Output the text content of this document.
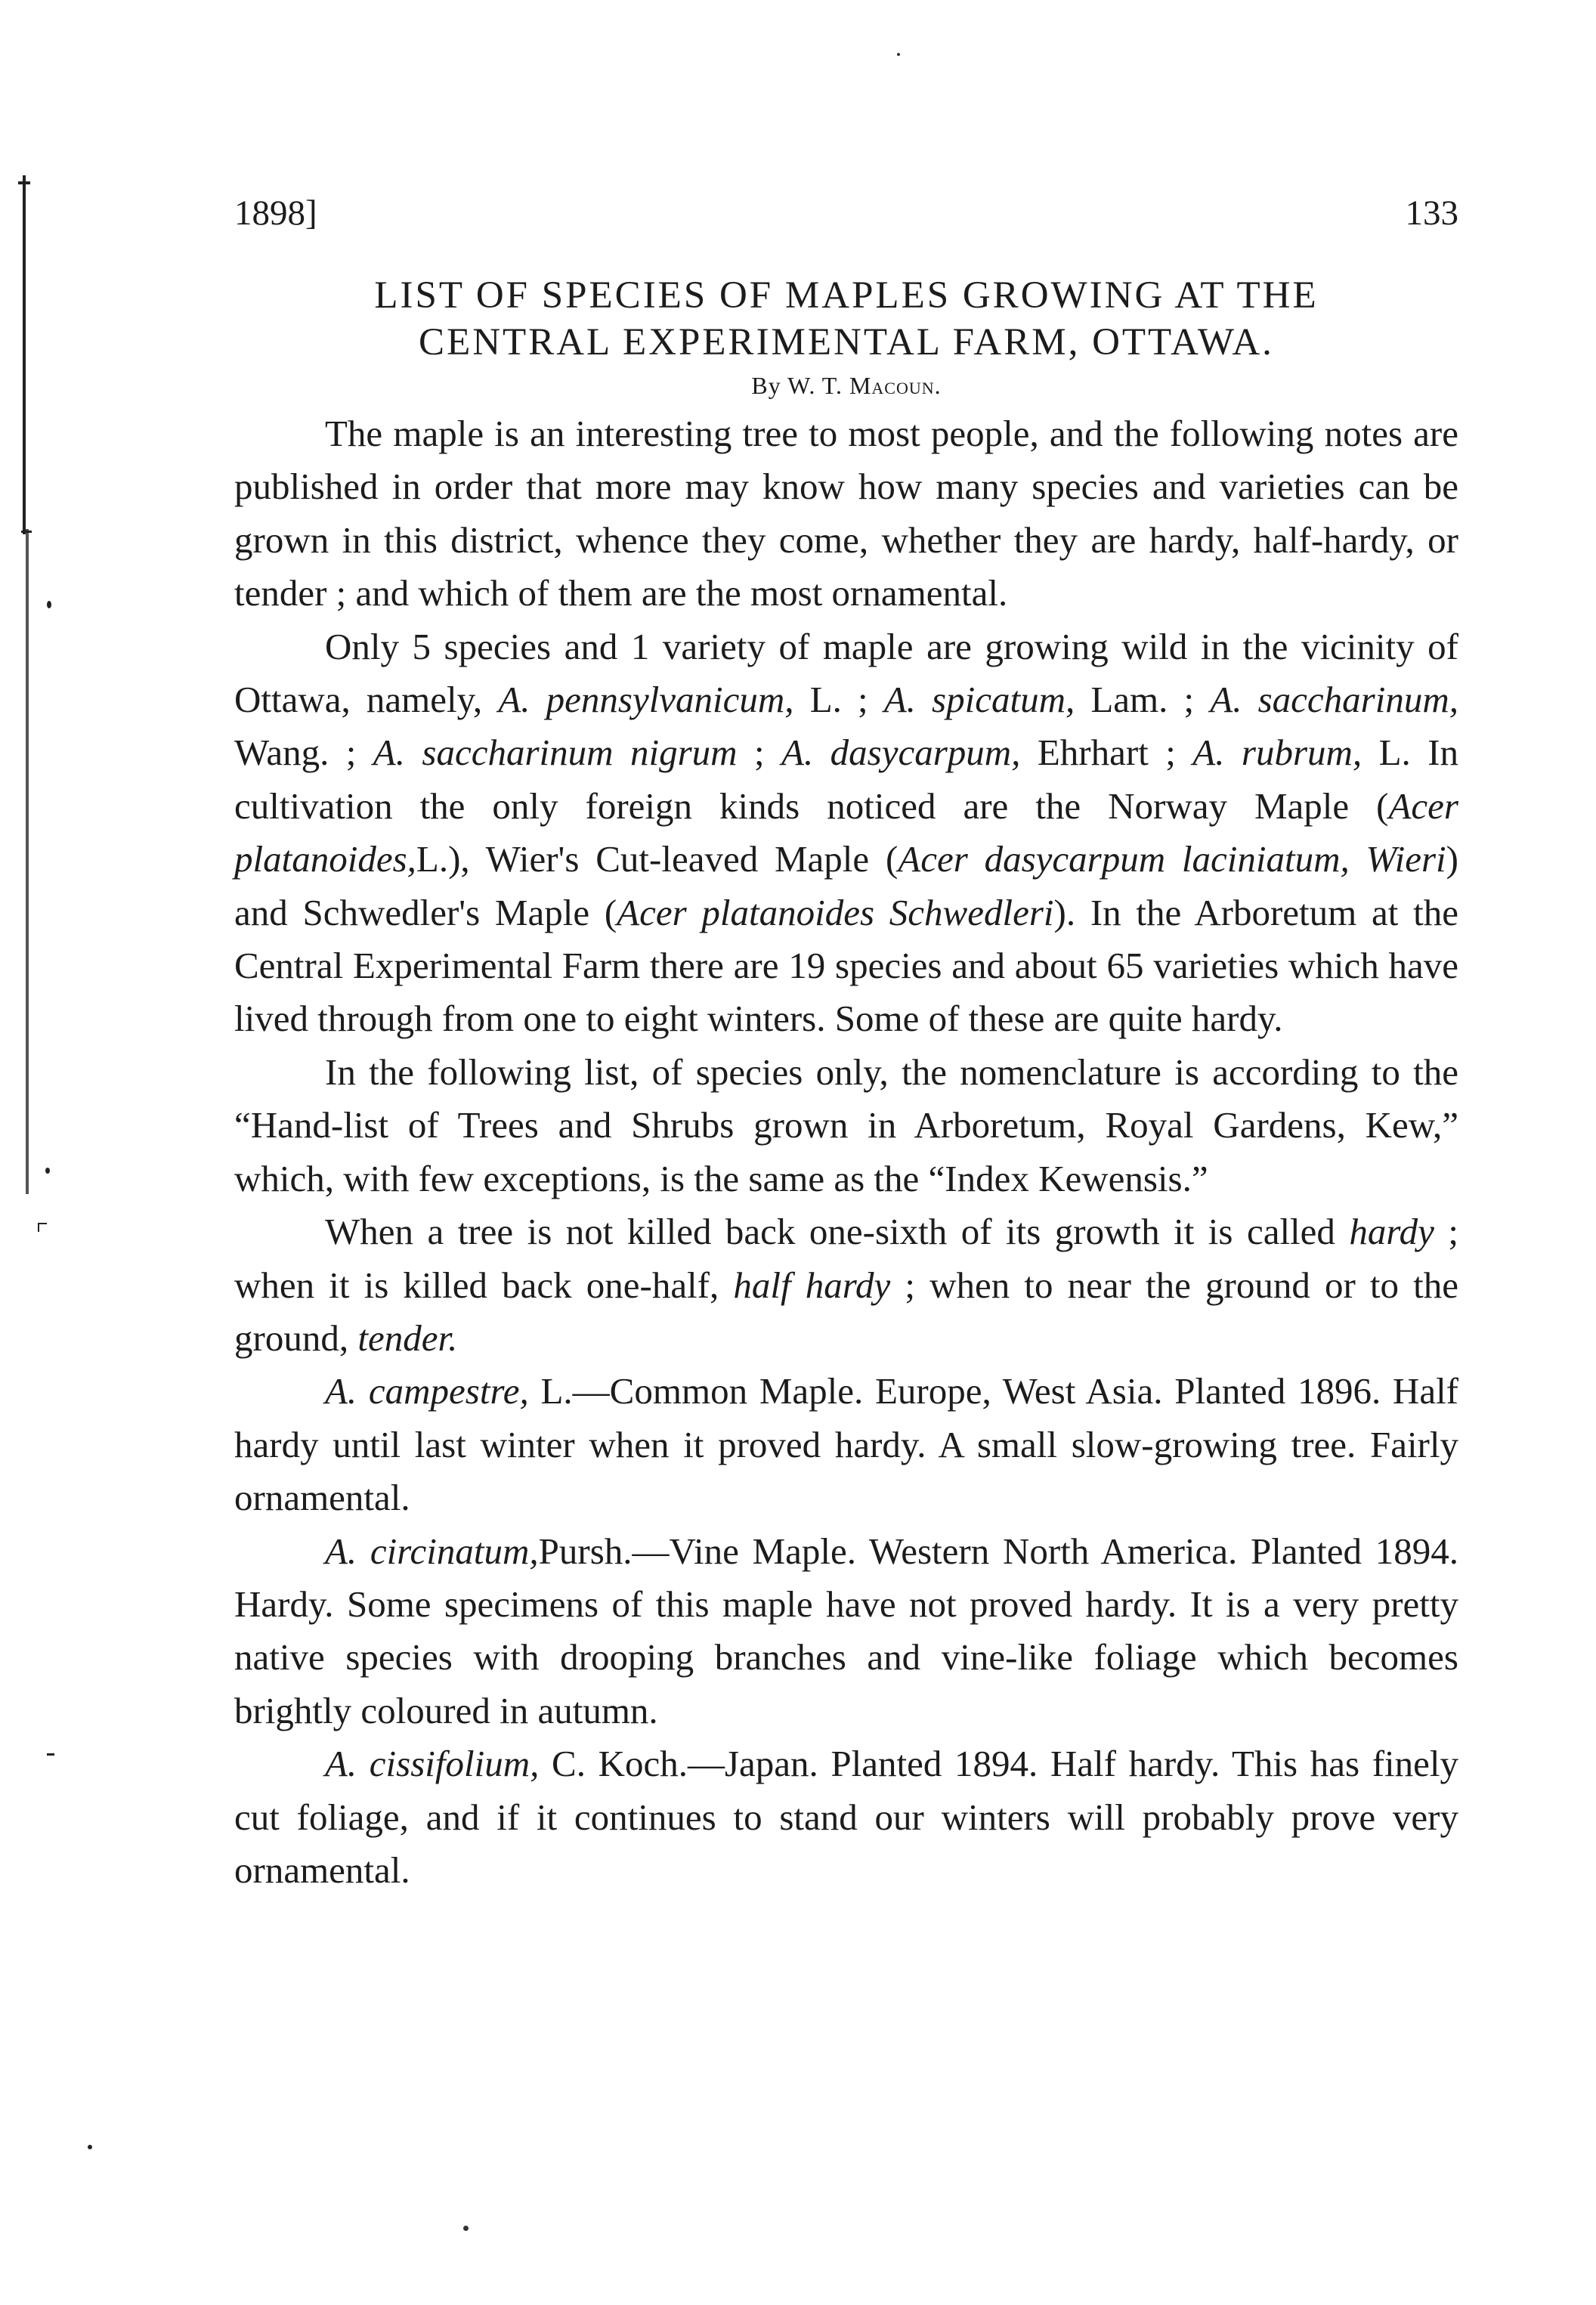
1898]	133
LIST OF SPECIES OF MAPLES GROWING AT THE
CENTRAL EXPERIMENTAL FARM, OTTAWA.
By W. T. Macoun.

The maple is an interesting tree to most people, and the following notes are published in order that more may know how many species and varieties can be grown in this district, whence they come, whether they are hardy, half-hardy, or tender ; and which of them are the most ornamental.

Only 5 species and 1 variety of maple are growing wild in the vicinity of Ottawa, namely, A. pennsylvanicum, L. ; A. spicatum, Lam. ; A. saccharinum, Wang. ; A. saccharinum nigrum ; A. dasycarpum, Ehrhart ; A. rubrum, L. In cultivation the only foreign kinds noticed are the Norway Maple (Acer platanoides,L.), Wier's Cut-leaved Maple (Acer dasycarpum laciniatum, Wieri) and Schwedler's Maple (Acer platanoides Schwedleri). In the Arboretum at the Central Experimental Farm there are 19 species and about 65 varieties which have lived through from one to eight winters. Some of these are quite hardy.

In the following list, of species only, the nomenclature is according to the “Hand-list of Trees and Shrubs grown in Arboretum, Royal Gardens, Kew,” which, with few exceptions, is the same as the “Index Kewensis.”

When a tree is not killed back one-sixth of its growth it is called hardy ; when it is killed back one-half, half hardy ; when to near the ground or to the ground, tender.

A. campestre, L.—Common Maple. Europe, West Asia. Planted 1896. Half hardy until last winter when it proved hardy. A small slow-growing tree. Fairly ornamental.

A. circinatum,Pursh.—Vine Maple. Western North America. Planted 1894. Hardy. Some specimens of this maple have not proved hardy. It is a very pretty native species with drooping branches and vine-like foliage which becomes brightly coloured in autumn.

A. cissifolium, C. Koch.—Japan. Planted 1894. Half hardy. This has finely cut foliage, and if it continues to stand our winters will probably prove very ornamental.
